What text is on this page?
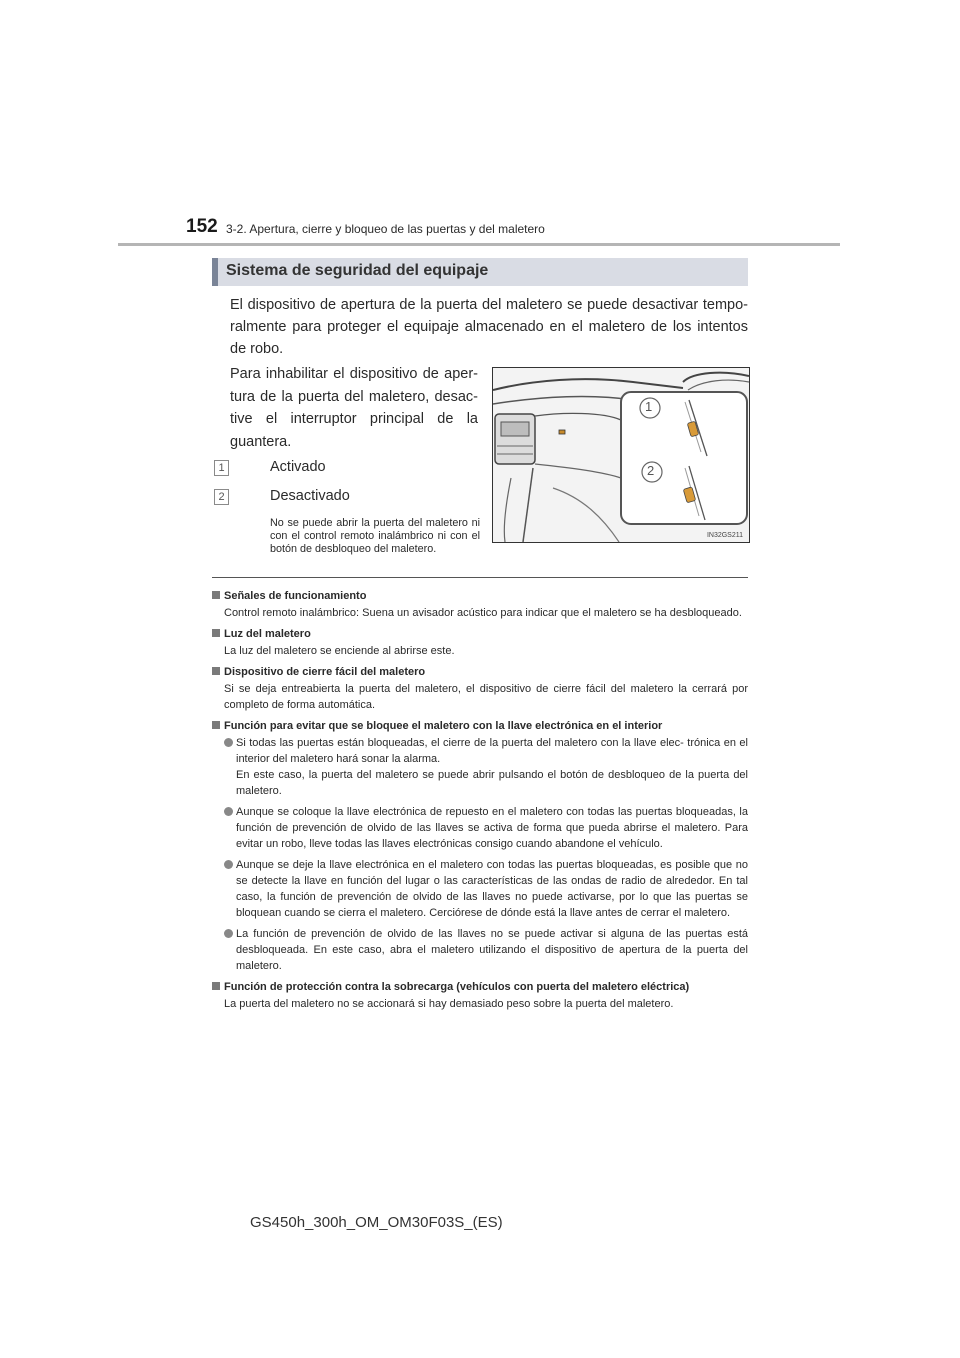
152 3-2. Apertura, cierre y bloqueo de las puertas y del maletero
Sistema de seguridad del equipaje

El dispositivo de apertura de la puerta del maletero se puede desactivar tempo- ralmente para proteger el equipaje almacenado en el maletero de los intentos de robo.

Para inhabilitar el dispositivo de aper- tura de la puerta del maletero, desac- tive el interruptor principal de la guantera.

1	Activado
2	Desactivado

No se puede abrir la puerta del maletero ni con el control remoto inalámbrico ni con el botón de desbloqueo del maletero.

1
2
IN32GS211

Señales de funcionamiento

Control remoto inalámbrico: Suena un avisador acústico para indicar que el maletero se ha desbloqueado.

Luz del maletero

La luz del maletero se enciende al abrirse este.

Dispositivo de cierre fácil del maletero

Si se deja entreabierta la puerta del maletero, el dispositivo de cierre fácil del maletero la cerrará por completo de forma automática.

Función para evitar que se bloquee el maletero con la llave electrónica en el interior

Si todas las puertas están bloqueadas, el cierre de la puerta del maletero con la llave elec- trónica en el interior del maletero hará sonar la alarma.

En este caso, la puerta del maletero se puede abrir pulsando el botón de desbloqueo de la puerta del maletero.

Aunque se coloque la llave electrónica de repuesto en el maletero con todas las puertas bloqueadas, la función de prevención de olvido de las llaves se activa de forma que pueda abrirse el maletero. Para evitar un robo, lleve todas las llaves electrónicas consigo cuando abandone el vehículo.

Aunque se deje la llave electrónica en el maletero con todas las puertas bloqueadas, es posible que no se detecte la llave en función del lugar o las características de las ondas de radio de alrededor. En tal caso, la función de prevención de olvido de las llaves no puede activarse, por lo que las puertas se bloquean cuando se cierra el maletero. Cerciórese de dónde está la llave antes de cerrar el maletero.

La función de prevención de olvido de las llaves no se puede activar si alguna de las puertas está desbloqueada. En este caso, abra el maletero utilizando el dispositivo de apertura de la puerta del maletero.

Función de protección contra la sobrecarga (vehículos con puerta del maletero eléctrica)

La puerta del maletero no se accionará si hay demasiado peso sobre la puerta del maletero.

GS450h_300h_OM_OM30F03S_(ES)
